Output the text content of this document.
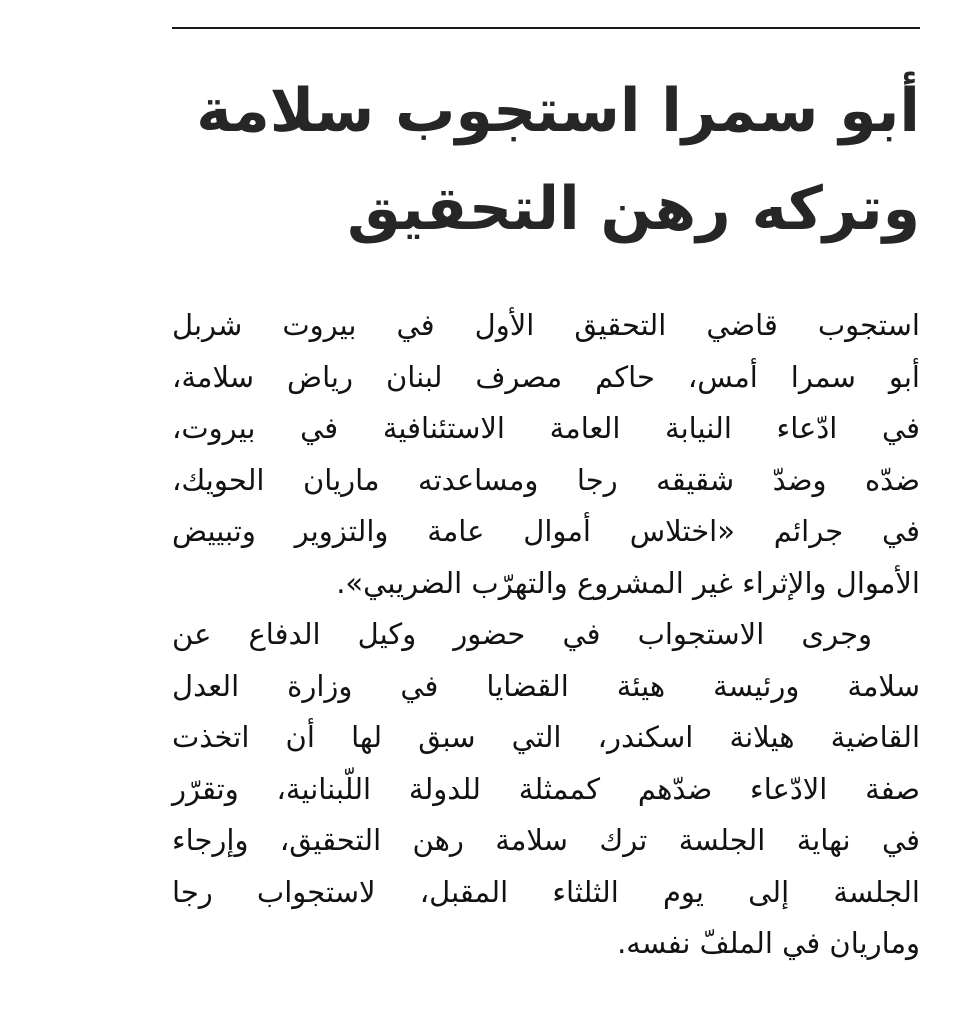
أبو سمرا استجوب سلامة
وتركه رهن التحقيق
استجوب قاضي التحقيق الأول في بيروت شربل
أبو سمرا أمس، حاكم مصرف لبنان رياض سلامة،
في ادّعاء النيابة العامة الاستئنافية في بيروت،
ضدّه وضدّ شقيقه رجا ومساعدته ماريان الحويك،
في جرائم «اختلاس أموال عامة والتزوير وتبييض
الأموال والإثراء غير المشروع والتهرّب الضريبي».
وجرى الاستجواب في حضور وكيل الدفاع عن
سلامة ورئيسة هيئة القضايا في وزارة العدل
القاضية هيلانة اسكندر، التي سبق لها أن اتخذت
صفة الادّعاء ضدّهم كممثلة للدولة اللّبنانية، وتقرّر
في نهاية الجلسة ترك سلامة رهن التحقيق، وإرجاء
الجلسة إلى يوم الثلثاء المقبل، لاستجواب رجا
وماريان في الملفّ نفسه.
